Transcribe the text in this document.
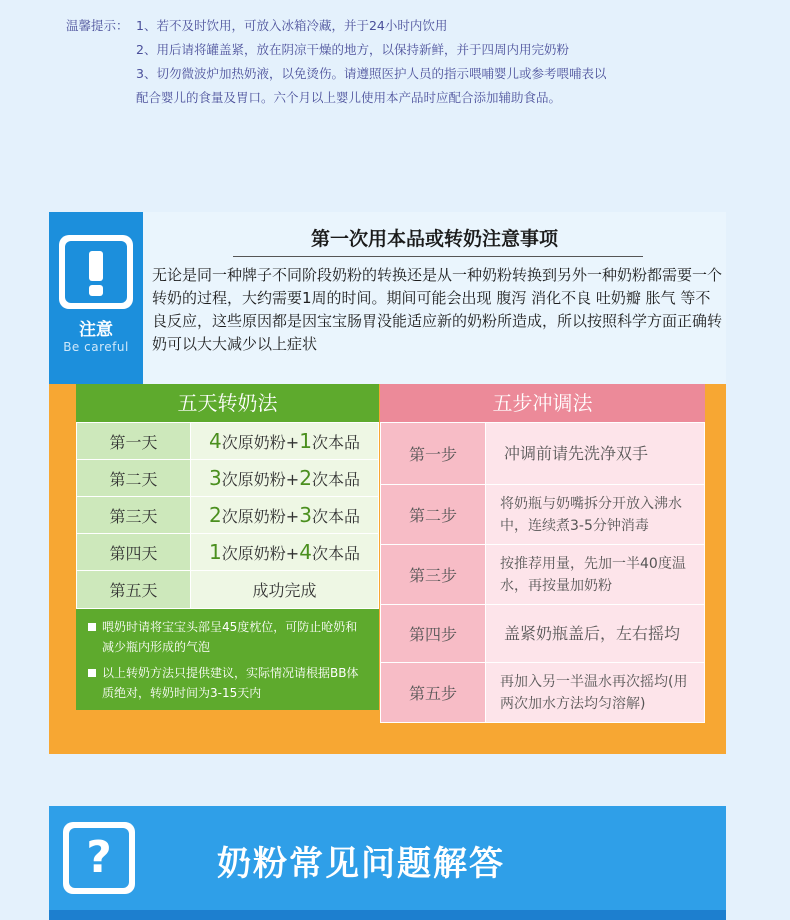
温馨提示： 1、若不及时饮用，可放入冰箱冷藏，并于24小时内饮用
2、用后请将罐盖紧，放在阴凉干燥的地方，以保持新鲜，并于四周内用完奶粉
3、切勿微波炉加热奶液，以免烫伤。请遵照医护人员的指示喂哺婴儿或参考喂哺表以
配合婴儿的食量及胃口。六个月以上婴儿使用本产品时应配合添加辅助食品。
注意
Be careful
第一次用本品或转奶注意事项
无论是同一种牌子不同阶段奶粉的转换还是从一种奶粉转换到另外一种奶粉都需要一个转奶的过程，大约需要1周的时间。期间可能会出现 腹泻 消化不良 吐奶瓣 胀气 等不良反应，这些原因都是因宝宝肠胃没能适应新的奶粉所造成，所以按照科学方面正确转奶可以大大减少以上症状
五天转奶法
第一天	4次原奶粉+1次本品
第二天	3次原奶粉+2次本品
第三天	2次原奶粉+3次本品
第四天	1次原奶粉+4次本品
第五天	成功完成
喂奶时请将宝宝头部呈45度枕位，可防止呛奶和减少瓶内形成的气泡
以上转奶方法只提供建议，实际情况请根据BB体质绝对，转奶时间为3-15天内
五步冲调法
第一步	冲调前请先洗净双手
第二步	将奶瓶与奶嘴拆分开放入沸水中，连续煮3-5分钟消毒
第三步	按推荐用量，先加一半40度温水，再按量加奶粉
第四步	盖紧奶瓶盖后，左右摇均
第五步	再加入另一半温水再次摇均(用两次加水方法均匀溶解)
?	奶粉常见问题解答
